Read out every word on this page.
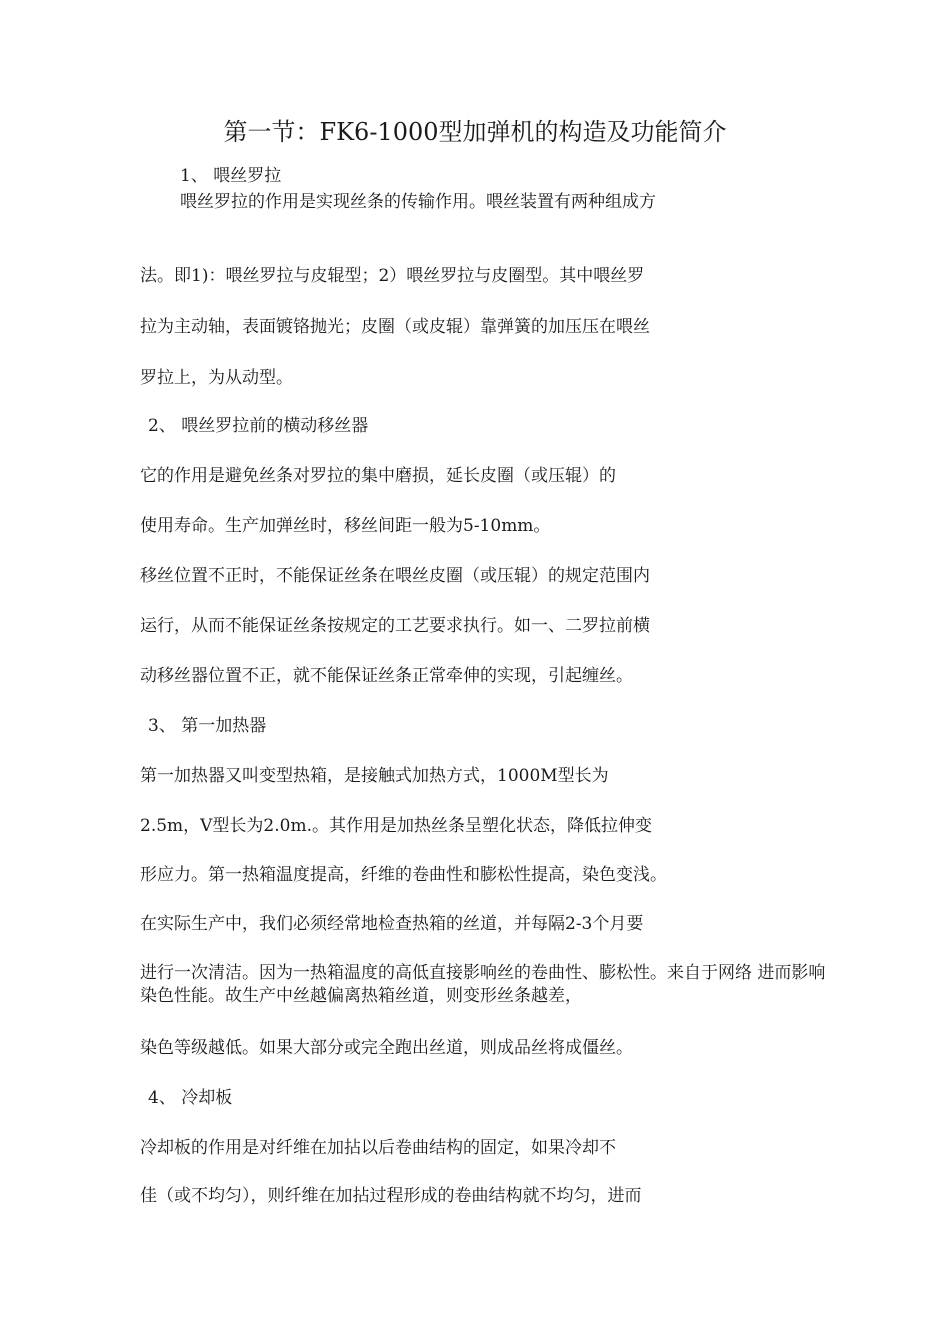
第一节：FK6-1000型加弹机的构造及功能简介

1、 喂丝罗拉

喂丝罗拉的作用是实现丝条的传输作用。喂丝装置有两种组成方

法。即1)：喂丝罗拉与皮辊型；2）喂丝罗拉与皮圈型。其中喂丝罗

拉为主动轴，表面镀铬抛光；皮圈（或皮辊）靠弹簧的加压压在喂丝

罗拉上，为从动型。

2、 喂丝罗拉前的横动移丝器

它的作用是避免丝条对罗拉的集中磨损，延长皮圈（或压辊）的

使用寿命。生产加弹丝时，移丝间距一般为5-10mm。

移丝位置不正时，不能保证丝条在喂丝皮圈（或压辊）的规定范围内

运行，从而不能保证丝条按规定的工艺要求执行。如一、二罗拉前横

动移丝器位置不正，就不能保证丝条正常牵伸的实现，引起缠丝。

3、 第一加热器

第一加热器又叫变型热箱，是接触式加热方式，1000M型长为

2.5m，V型长为2.0m.。其作用是加热丝条呈塑化状态，降低拉伸变

形应力。第一热箱温度提高，纤维的卷曲性和膨松性提高，染色变浅。

在实际生产中，我们必须经常地检查热箱的丝道，并每隔2-3个月要

进行一次清洁。因为一热箱温度的高低直接影响丝的卷曲性、膨松性。来自于网络 进而影响染色性能。故生产中丝越偏离热箱丝道，则变形丝条越差，

染色等级越低。如果大部分或完全跑出丝道，则成品丝将成僵丝。

4、 冷却板

冷却板的作用是对纤维在加拈以后卷曲结构的固定，如果冷却不

佳（或不均匀），则纤维在加拈过程形成的卷曲结构就不均匀，进而
